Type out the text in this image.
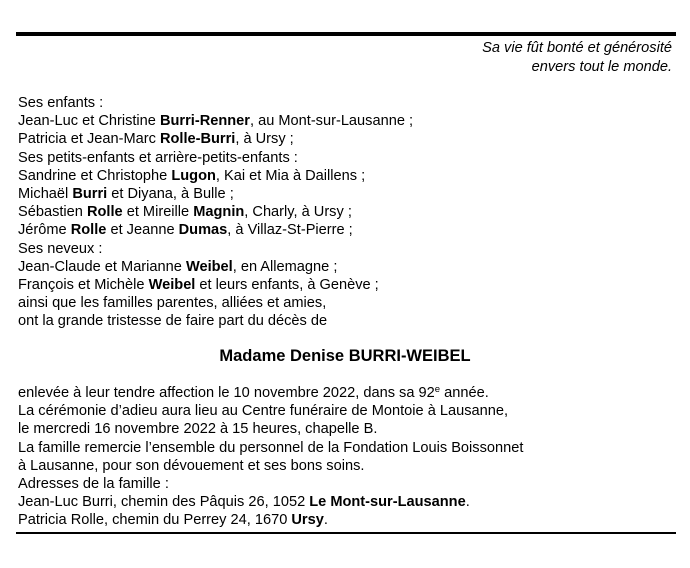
Sa vie fût bonté et générosité
envers tout le monde.
Ses enfants :
Jean-Luc et Christine Burri-Renner, au Mont-sur-Lausanne ;
Patricia et Jean-Marc Rolle-Burri, à Ursy ;
Ses petits-enfants et arrière-petits-enfants :
Sandrine et Christophe Lugon, Kai et Mia à Daillens ;
Michaël Burri et Diyana, à Bulle ;
Sébastien Rolle et Mireille Magnin, Charly, à Ursy ;
Jérôme Rolle et Jeanne Dumas, à Villaz-St-Pierre ;
Ses neveux :
Jean-Claude et Marianne Weibel, en Allemagne ;
François et Michèle Weibel et leurs enfants, à Genève ;
ainsi que les familles parentes, alliées et amies,
ont la grande tristesse de faire part du décès de
Madame Denise BURRI-WEIBEL
enlevée à leur tendre affection le 10 novembre 2022, dans sa 92e année.
La cérémonie d’adieu aura lieu au Centre funéraire de Montoie à Lausanne,
le mercredi 16 novembre 2022 à 15 heures, chapelle B.
La famille remercie l’ensemble du personnel de la Fondation Louis Boissonnet
à Lausanne, pour son dévouement et ses bons soins.
Adresses de la famille :
Jean-Luc Burri, chemin des Pâquis 26, 1052 Le Mont-sur-Lausanne.
Patricia Rolle, chemin du Perrey 24, 1670 Ursy.
